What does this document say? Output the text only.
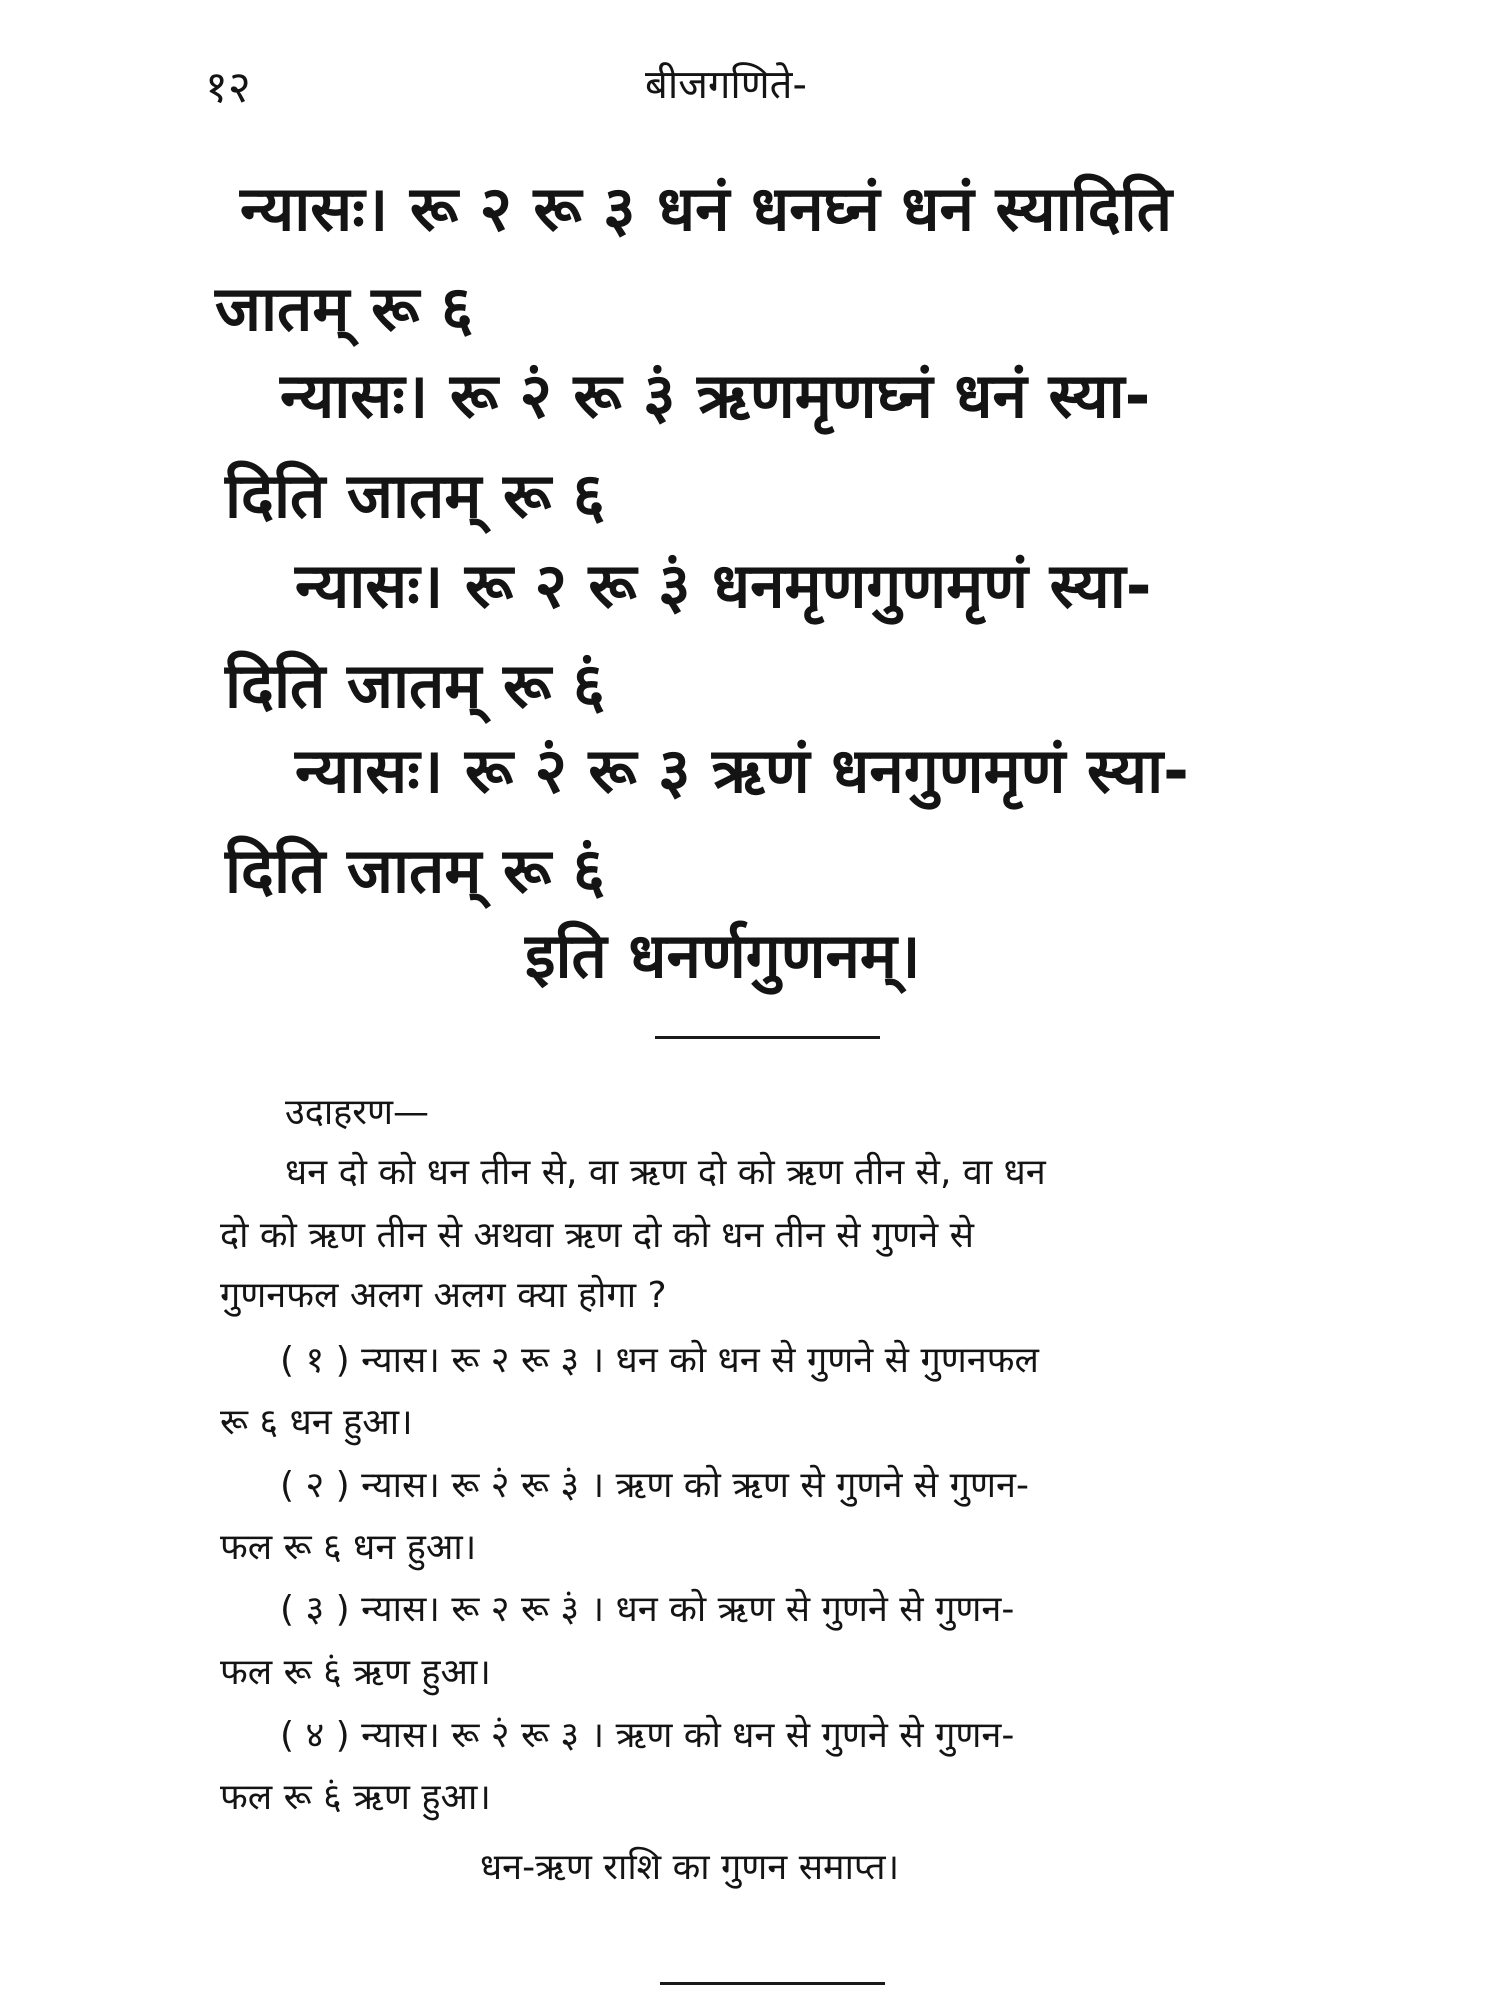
१२	बीजगणिते-
न्यासः। रू २ रू ३ धनं धनघ्नं धनं स्यादिति
जातम् रू ६
न्यासः। रू २̇ रू ३̇ ऋणमृणघ्नं धनं स्या-
दिति जातम् रू ६
न्यासः। रू २ रू ३̇ धनमृणगुणमृणं स्या-
दिति जातम् रू ६̇
न्यासः। रू २̇ रू ३ ऋणं धनगुणमृणं स्या-
दिति जातम् रू ६̇
इति धनर्णगुणनम्।
उदाहरण—
धन दो को धन तीन से, वा ऋण दो को ऋण तीन से, वा धन
दो को ऋण तीन से अथवा ऋण दो को धन तीन से गुणने से
गुणनफल अलग अलग क्या होगा ?
( १ ) न्यास। रू २ रू ३ । धन को धन से गुणने से गुणनफल
रू ६ धन हुआ।
( २ ) न्यास। रू २̇ रू ३̇ । ऋण को ऋण से गुणने से गुणन-
फल रू ६ धन हुआ।
( ३ ) न्यास। रू २ रू ३̇ । धन को ऋण से गुणने से गुणन-
फल रू ६̇ ऋण हुआ।
( ४ ) न्यास। रू २̇ रू ३ । ऋण को धन से गुणने से गुणन-
फल रू ६̇ ऋण हुआ।
धन-ऋण राशि का गुणन समाप्त।
